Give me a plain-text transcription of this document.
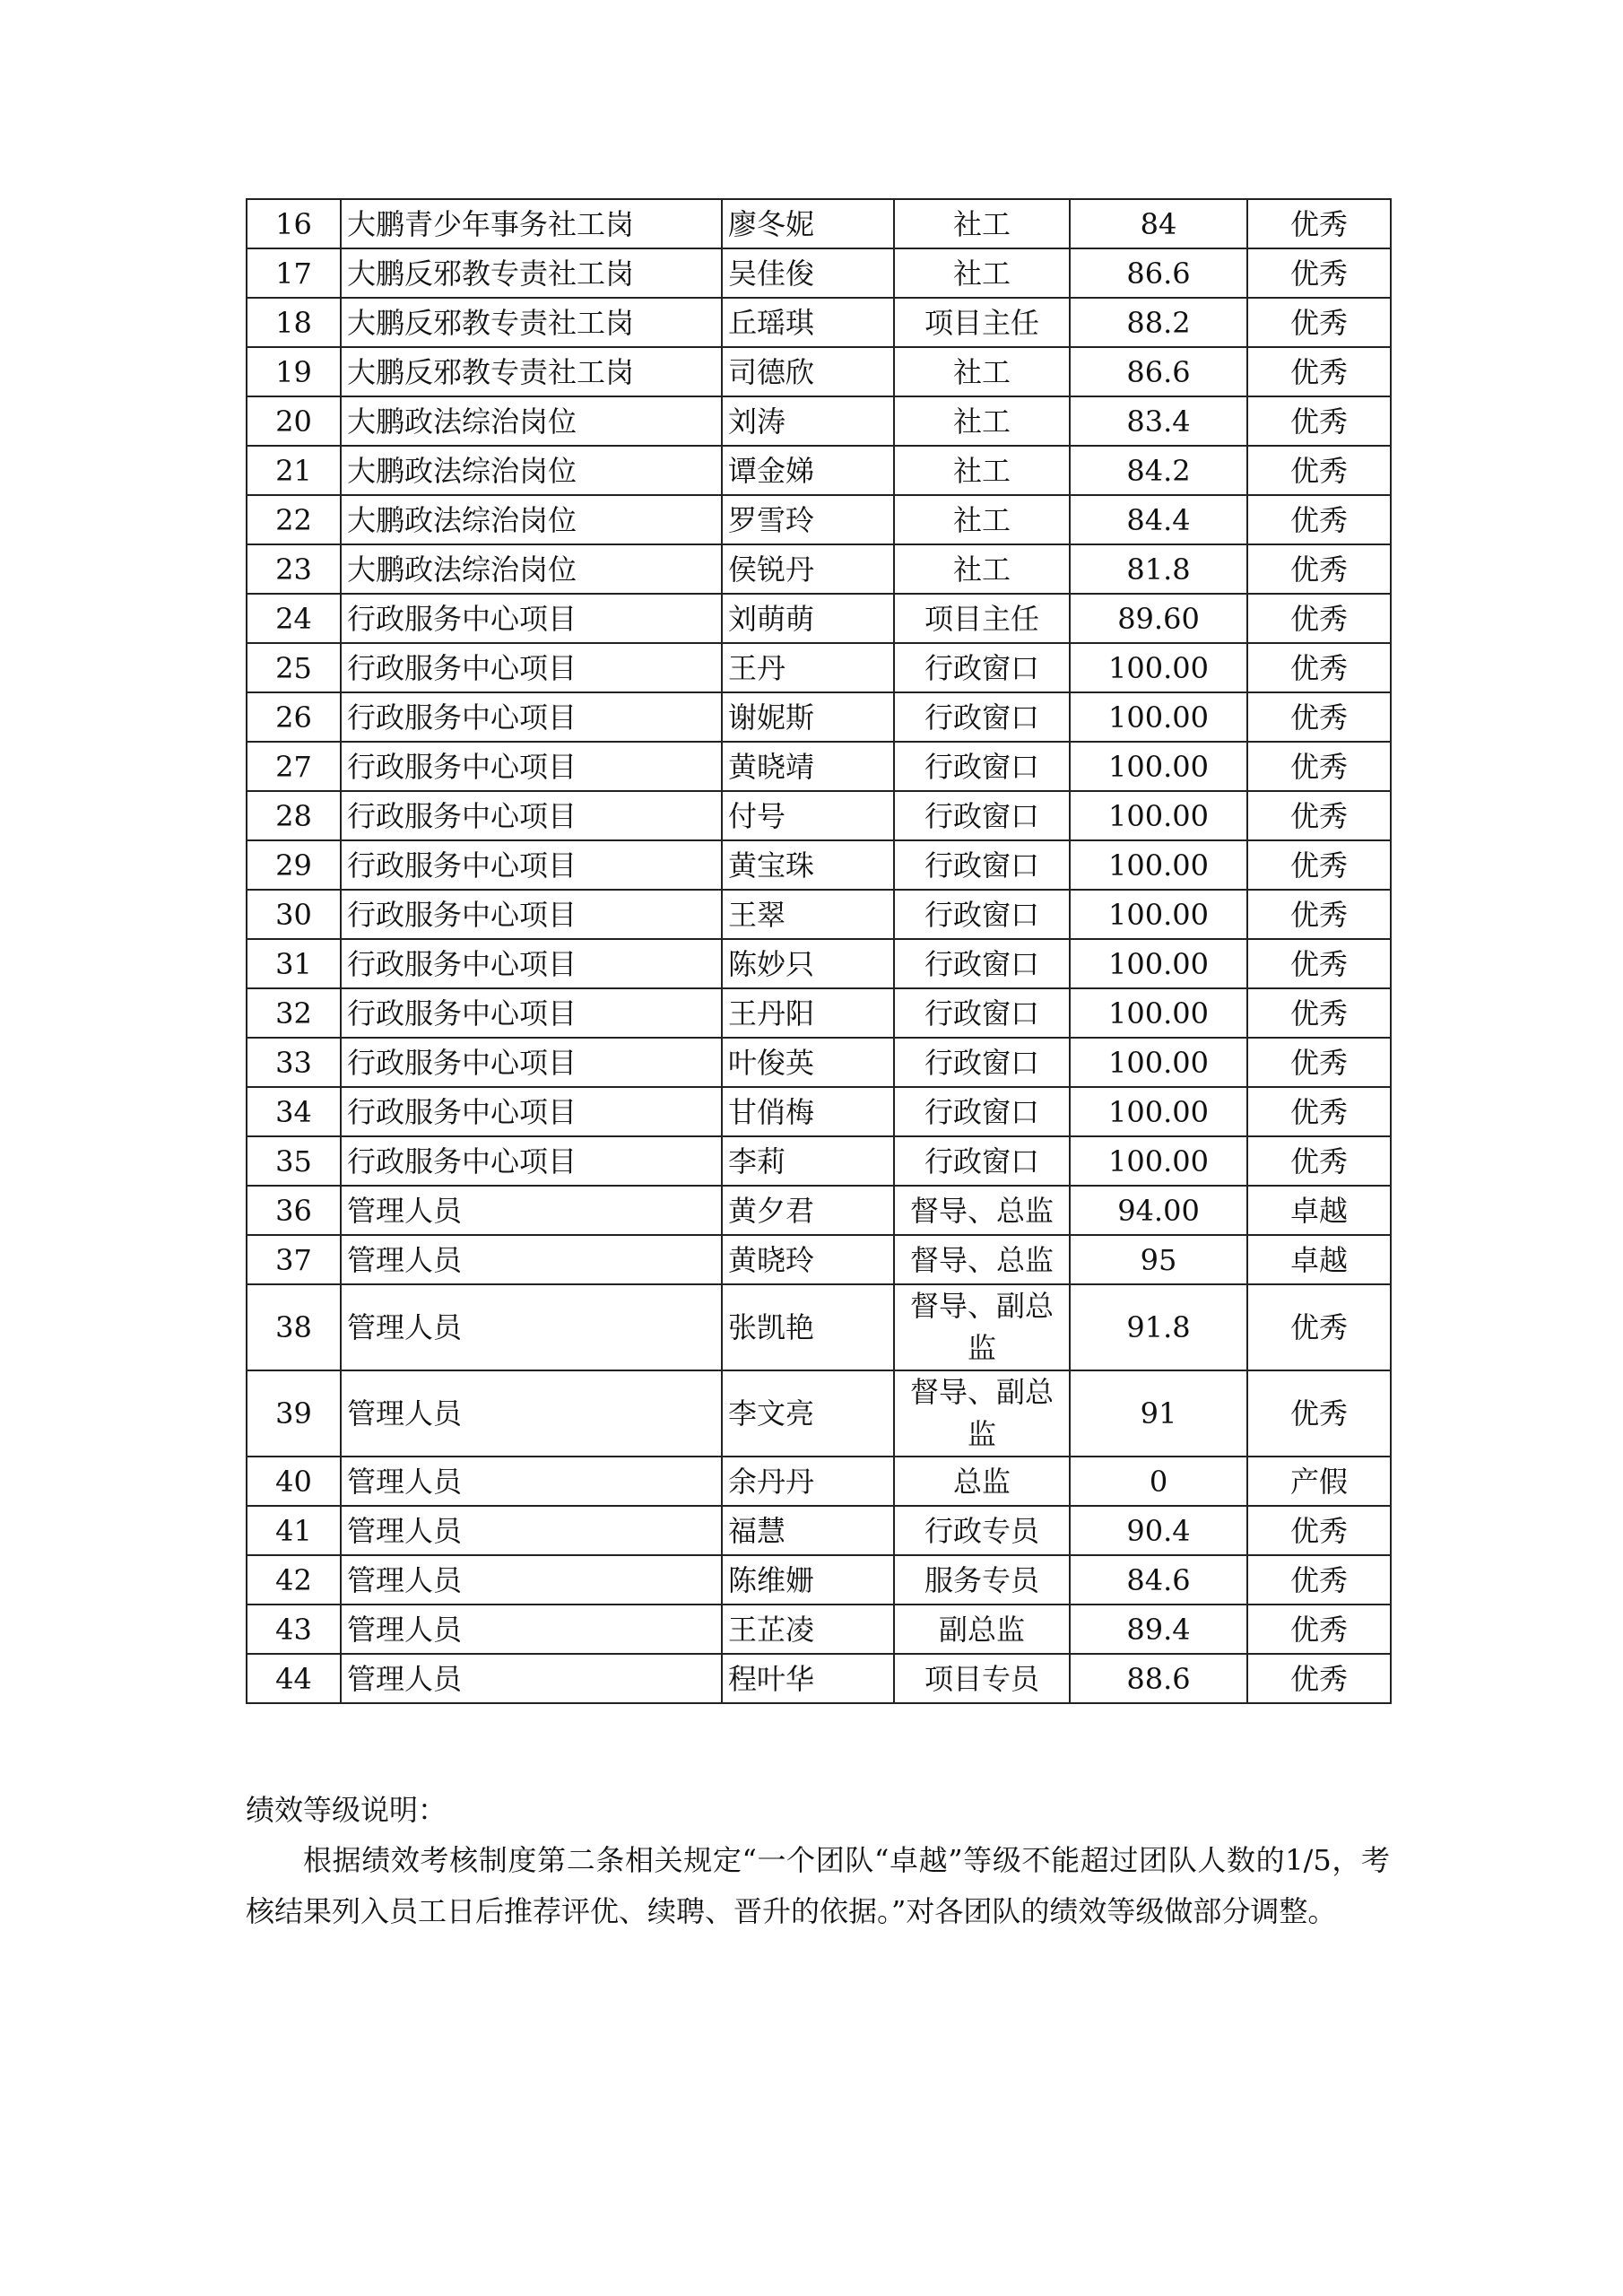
16	大鹏青少年事务社工岗	廖冬妮	社工	84	优秀
17	大鹏反邪教专责社工岗	吴佳俊	社工	86.6	优秀
18	大鹏反邪教专责社工岗	丘瑶琪	项目主任	88.2	优秀
19	大鹏反邪教专责社工岗	司德欣	社工	86.6	优秀
20	大鹏政法综治岗位	刘涛	社工	83.4	优秀
21	大鹏政法综治岗位	谭金娣	社工	84.2	优秀
22	大鹏政法综治岗位	罗雪玲	社工	84.4	优秀
23	大鹏政法综治岗位	侯锐丹	社工	81.8	优秀
24	行政服务中心项目	刘萌萌	项目主任	89.60	优秀
25	行政服务中心项目	王丹	行政窗口	100.00	优秀
26	行政服务中心项目	谢妮斯	行政窗口	100.00	优秀
27	行政服务中心项目	黄晓靖	行政窗口	100.00	优秀
28	行政服务中心项目	付号	行政窗口	100.00	优秀
29	行政服务中心项目	黄宝珠	行政窗口	100.00	优秀
30	行政服务中心项目	王翠	行政窗口	100.00	优秀
31	行政服务中心项目	陈妙只	行政窗口	100.00	优秀
32	行政服务中心项目	王丹阳	行政窗口	100.00	优秀
33	行政服务中心项目	叶俊英	行政窗口	100.00	优秀
34	行政服务中心项目	甘俏梅	行政窗口	100.00	优秀
35	行政服务中心项目	李莉	行政窗口	100.00	优秀
36	管理人员	黄夕君	督导、总监	94.00	卓越
37	管理人员	黄晓玲	督导、总监	95	卓越
38	管理人员	张凯艳	督导、副总监	91.8	优秀
39	管理人员	李文亮	督导、副总监	91	优秀
40	管理人员	余丹丹	总监	0	产假
41	管理人员	福慧	行政专员	90.4	优秀
42	管理人员	陈维姗	服务专员	84.6	优秀
43	管理人员	王芷凌	副总监	89.4	优秀
44	管理人员	程叶华	项目专员	88.6	优秀
绩效等级说明：

根据绩效考核制度第二条相关规定“一个团队“卓越”等级不能超过团队人数的1/5，考核结果列入员工日后推荐评优、续聘、晋升的依据。”对各团队的绩效等级做部分调整。
